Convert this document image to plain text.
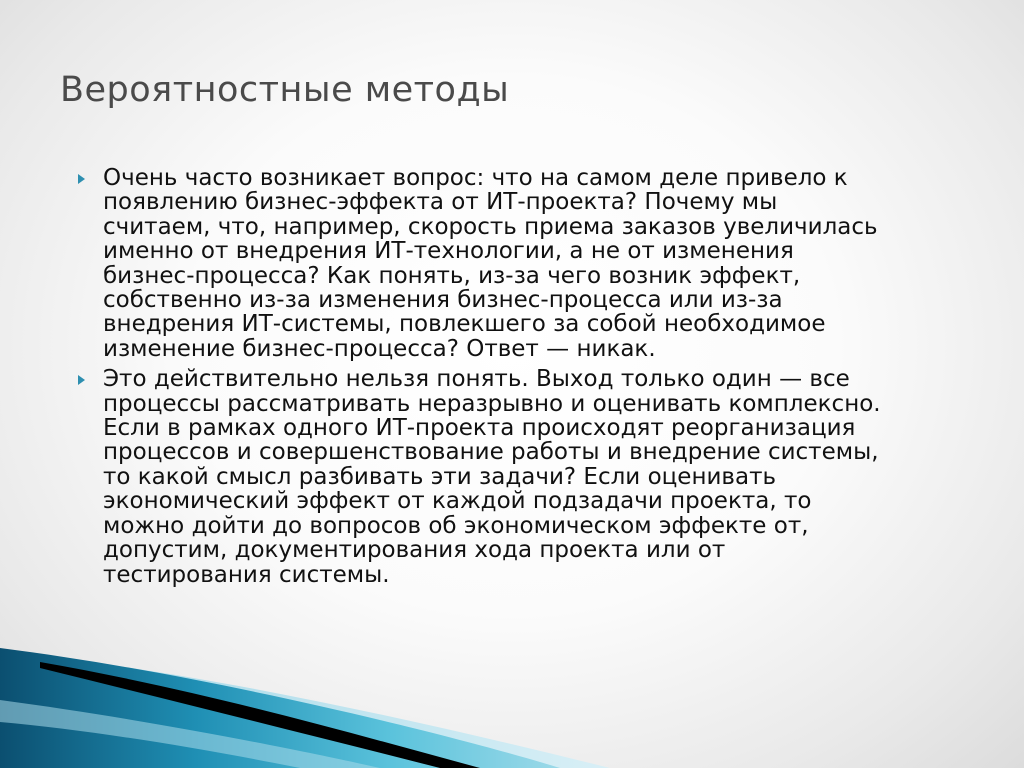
Вероятностные методы
Очень часто возникает вопрос: что на самом деле привело к
появлению бизнес-эффекта от ИТ-проекта? Почему мы
считаем, что, например, скорость приема заказов увеличилась
именно от внедрения ИТ-технологии, а не от изменения
бизнес-процесса? Как понять, из-за чего возник эффект,
собственно из-за изменения бизнес-процесса или из-за
внедрения ИТ-системы, повлекшего за собой необходимое
изменение бизнес-процесса? Ответ — никак.
Это действительно нельзя понять. Выход только один — все
процессы рассматривать неразрывно и оценивать комплексно.
Если в рамках одного ИТ-проекта происходят реорганизация
процессов и совершенствование работы и внедрение системы,
то какой смысл разбивать эти задачи? Если оценивать
экономический эффект от каждой подзадачи проекта, то
можно дойти до вопросов об экономическом эффекте от,
допустим, документирования хода проекта или от
тестирования системы.
